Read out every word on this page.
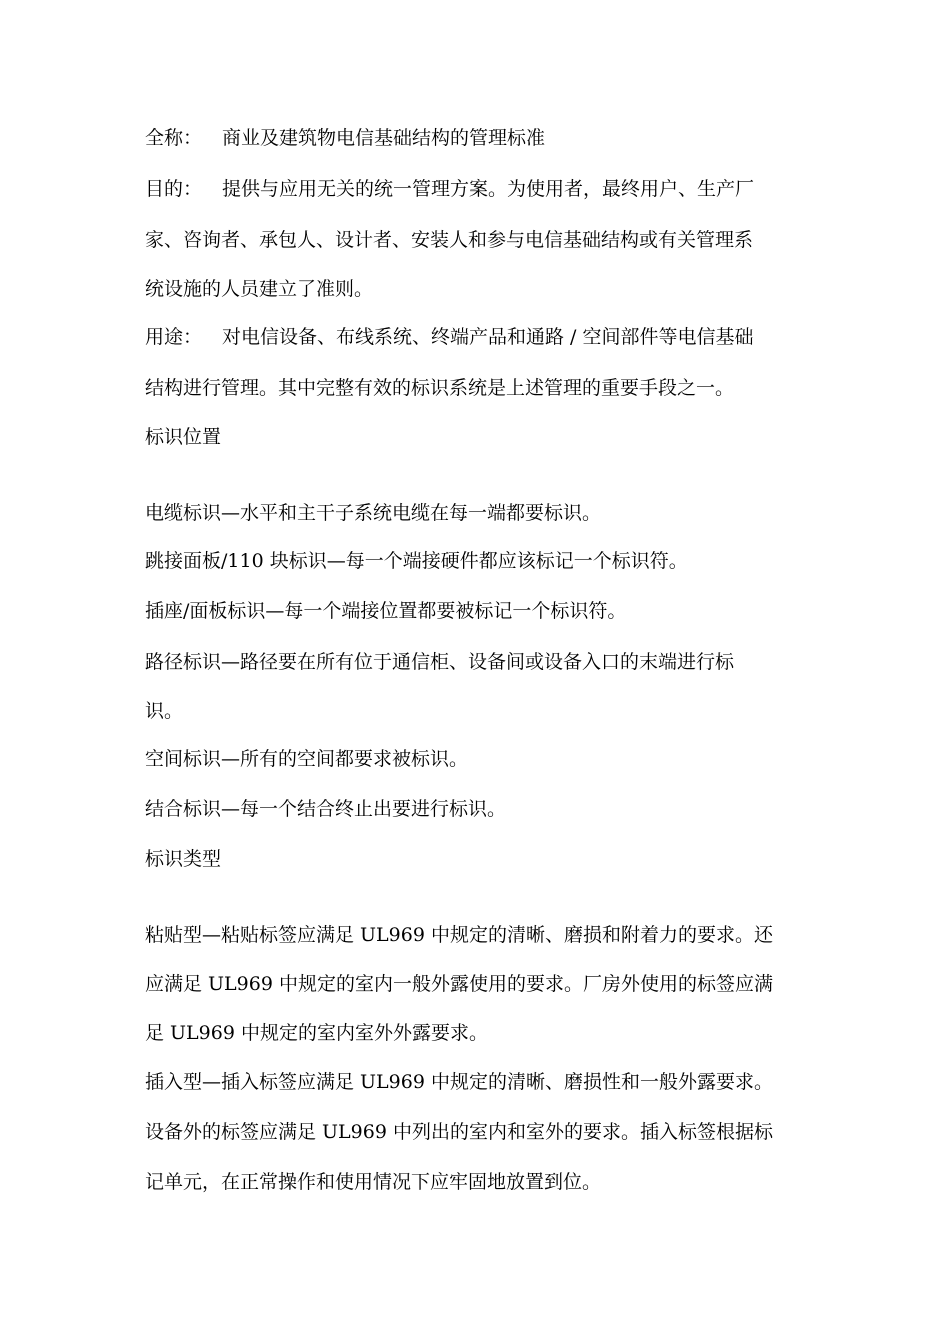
全称： 商业及建筑物电信基础结构的管理标准
目的： 提供与应用无关的统一管理方案。为使用者，最终用户、生产厂
家、咨询者、承包人、设计者、安装人和参与电信基础结构或有关管理系
统设施的人员建立了准则。
用途： 对电信设备、布线系统、终端产品和通路 / 空间部件等电信基础
结构进行管理。其中完整有效的标识系统是上述管理的重要手段之一。
标识位置
电缆标识—水平和主干子系统电缆在每一端都要标识。
跳接面板/110 块标识—每一个端接硬件都应该标记一个标识符。
插座/面板标识—每一个端接位置都要被标记一个标识符。
路径标识—路径要在所有位于通信柜、设备间或设备入口的末端进行标
识。
空间标识—所有的空间都要求被标识。
结合标识—每一个结合终止出要进行标识。
标识类型
粘贴型—粘贴标签应满足 UL969 中规定的清晰、磨损和附着力的要求。还
应满足 UL969 中规定的室内一般外露使用的要求。厂房外使用的标签应满
足 UL969 中规定的室内室外外露要求。
插入型—插入标签应满足 UL969 中规定的清晰、磨损性和一般外露要求。
设备外的标签应满足 UL969 中列出的室内和室外的要求。插入标签根据标
记单元，在正常操作和使用情况下应牢固地放置到位。
